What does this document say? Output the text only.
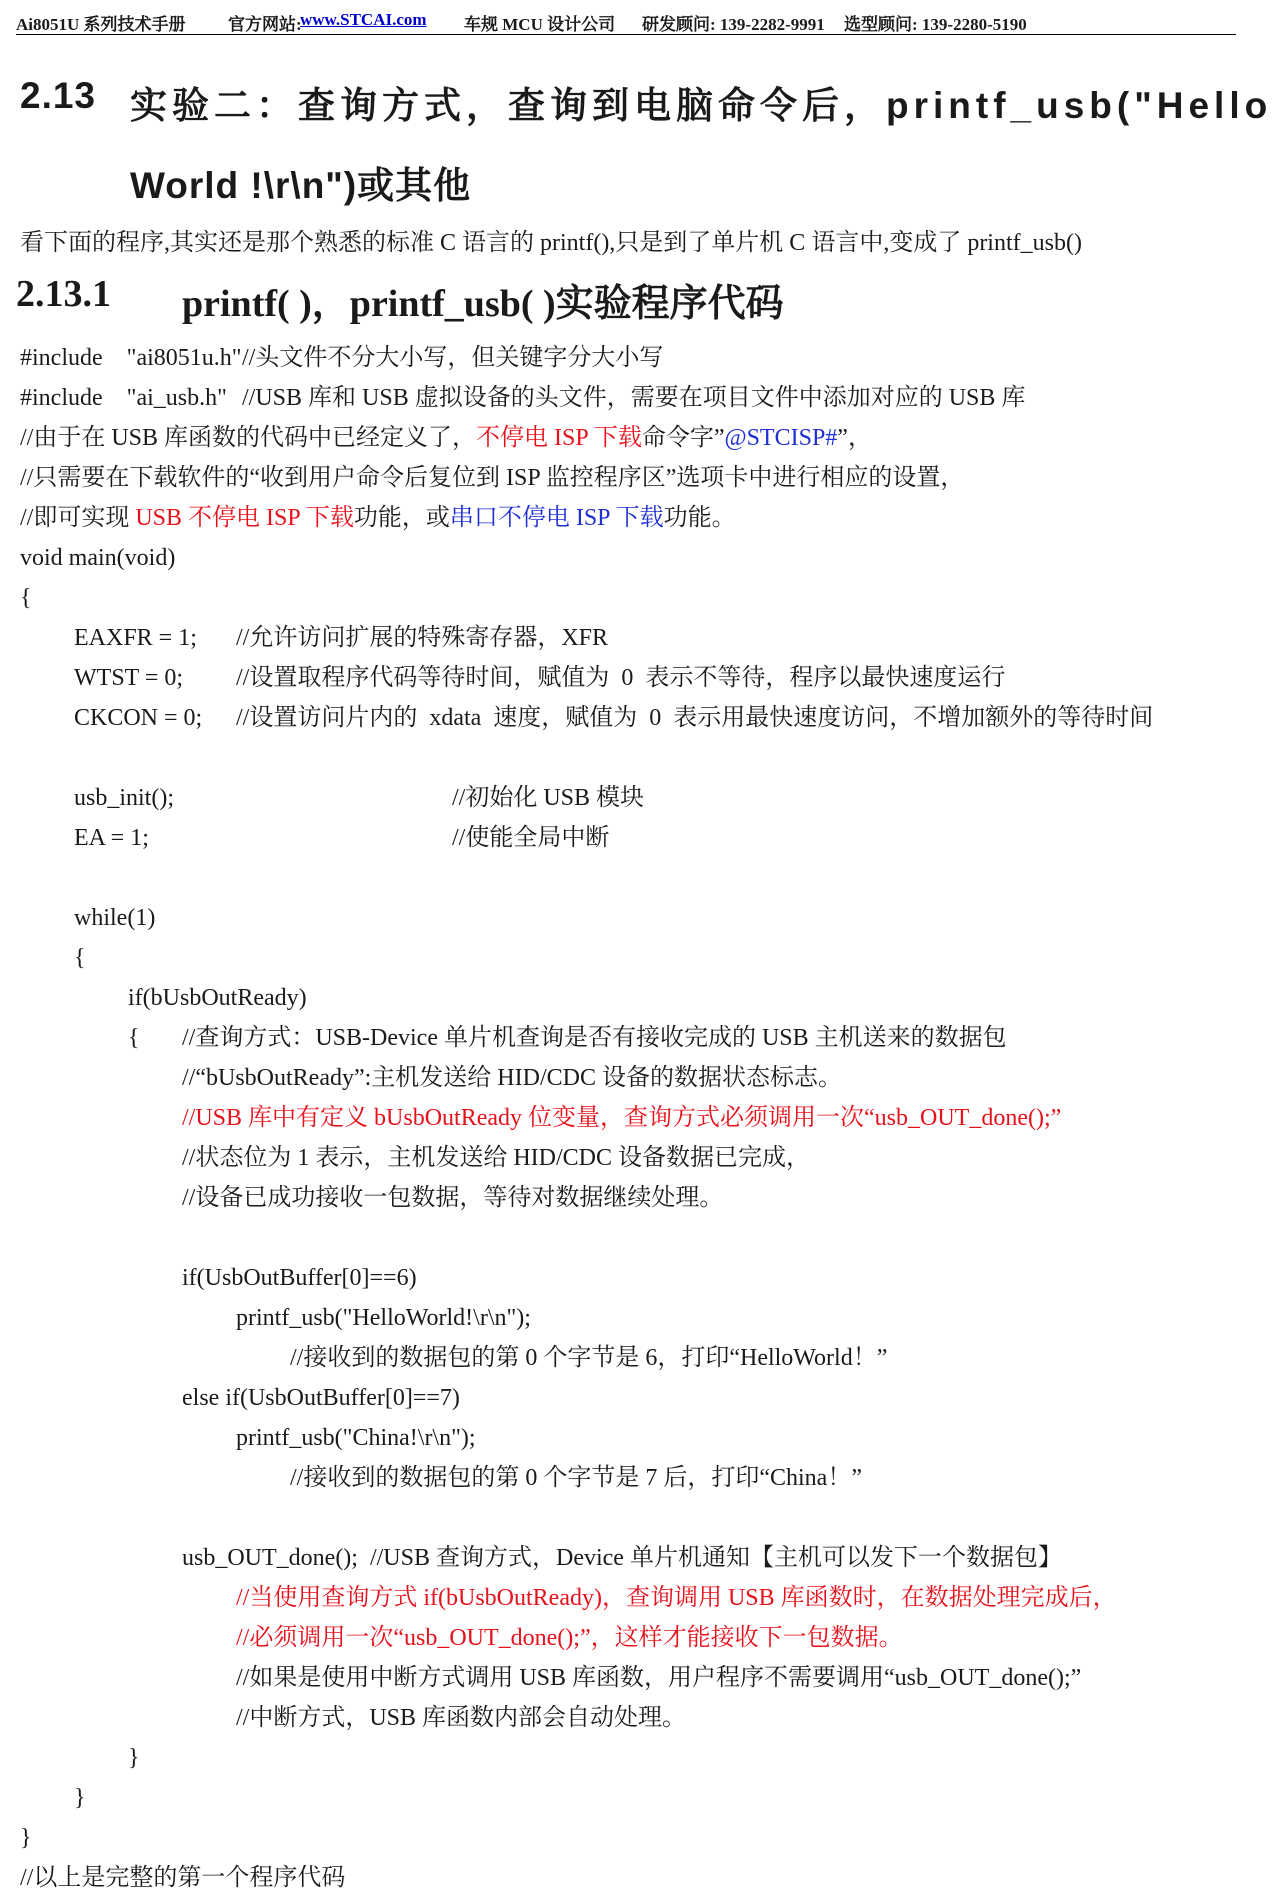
Ai8051U 系列技术手册 官方网站:
www.STCAI.com 车规 MCU 设计公司 研发顾问: 139-2282-9991 选型顾问: 139-2280-5190
2.13 实验二：查询方式，查询到电脑命令后，printf_usb("Hello
World !\r\n")或其他
看下面的程序,其实还是那个熟悉的标准 C 语言的 printf(),只是到了单片机 C 语言中,变成了 printf_usb()
2.13.1 printf( )，printf_usb( )实验程序代码
#include    "ai8051u.h" //头文件不分大小写，但关键字分大小写
#include    "ai_usb.h" //USB 库和 USB 虚拟设备的头文件，需要在项目文件中添加对应的 USB 库
//由于在 USB 库函数的代码中已经定义了，不停电 ISP 下载命令字”@STCISP#”，
//只需要在下载软件的“收到用户命令后复位到 ISP 监控程序区”选项卡中进行相应的设置，
//即可实现 USB 不停电 ISP 下载功能，或串口不停电 ISP 下载功能。
void main(void)
{
EAXFR = 1; //允许访问扩展的特殊寄存器，XFR
WTST = 0; //设置取程序代码等待时间，赋值为  0  表示不等待，程序以最快速度运行
CKCON = 0; //设置访问片内的  xdata  速度，赋值为  0  表示用最快速度访问，不增加额外的等待时间
usb_init();	//初始化 USB 模块
EA = 1;	//使能全局中断
while(1)
{
if(bUsbOutReady)
{ //查询方式：USB-Device 单片机查询是否有接收完成的 USB 主机送来的数据包
//“bUsbOutReady”:主机发送给 HID/CDC 设备的数据状态标志。
//USB 库中有定义 bUsbOutReady 位变量，查询方式必须调用一次“usb_OUT_done();”
//状态位为 1 表示，主机发送给 HID/CDC 设备数据已完成，
//设备已成功接收一包数据，等待对数据继续处理。
if(UsbOutBuffer[0]==6)
printf_usb("HelloWorld!\r\n");
//接收到的数据包的第 0 个字节是 6，打印“HelloWorld！”
else if(UsbOutBuffer[0]==7)
printf_usb("China!\r\n");
//接收到的数据包的第 0 个字节是 7 后，打印“China！”
usb_OUT_done();  //USB 查询方式，Device 单片机通知【主机可以发下一个数据包】
//当使用查询方式 if(bUsbOutReady)，查询调用 USB 库函数时，在数据处理完成后，
//必须调用一次“usb_OUT_done();”，这样才能接收下一包数据。
//如果是使用中断方式调用 USB 库函数，用户程序不需要调用“usb_OUT_done();”
//中断方式，USB 库函数内部会自动处理。
}
}
}
//以上是完整的第一个程序代码
